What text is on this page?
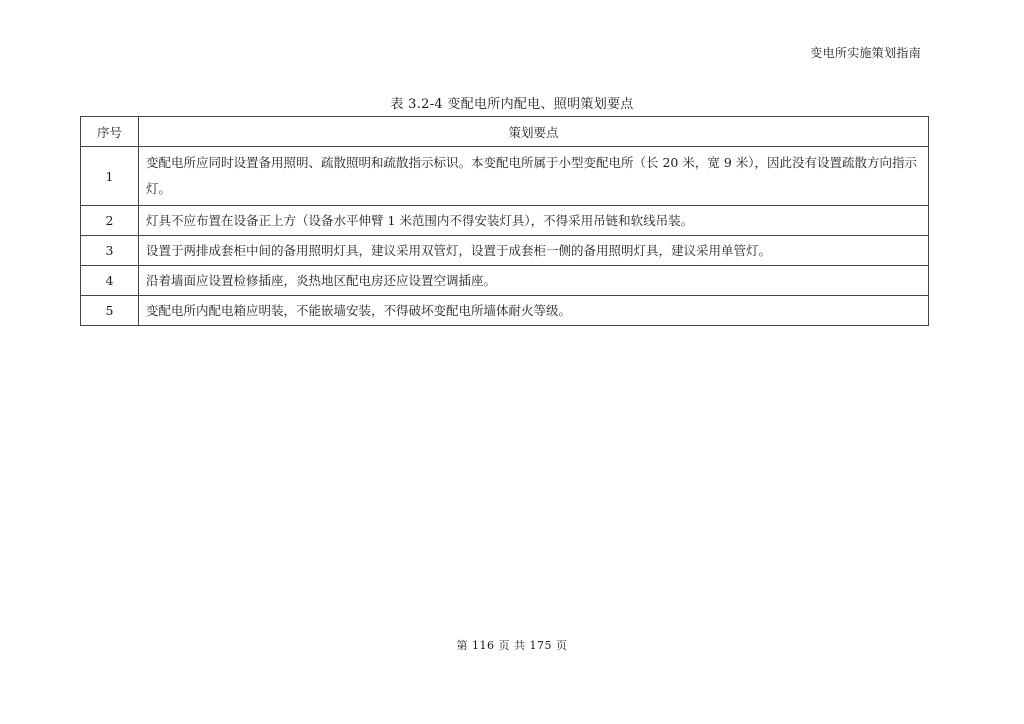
变电所实施策划指南
表 3.2-4 变配电所内配电、照明策划要点
序号	策划要点
1	变配电所应同时设置备用照明、疏散照明和疏散指示标识。本变配电所属于小型变配电所（长 20 米，宽 9 米），因此没有设置疏散方向指示灯。
2	灯具不应布置在设备正上方（设备水平伸臂 1 米范围内不得安装灯具），不得采用吊链和软线吊装。
3	设置于两排成套柜中间的备用照明灯具，建议采用双管灯，设置于成套柜一侧的备用照明灯具，建议采用单管灯。
4	沿着墙面应设置检修插座，炎热地区配电房还应设置空调插座。
5	变配电所内配电箱应明装，不能嵌墙安装，不得破坏变配电所墙体耐火等级。
第 116 页 共 175 页
